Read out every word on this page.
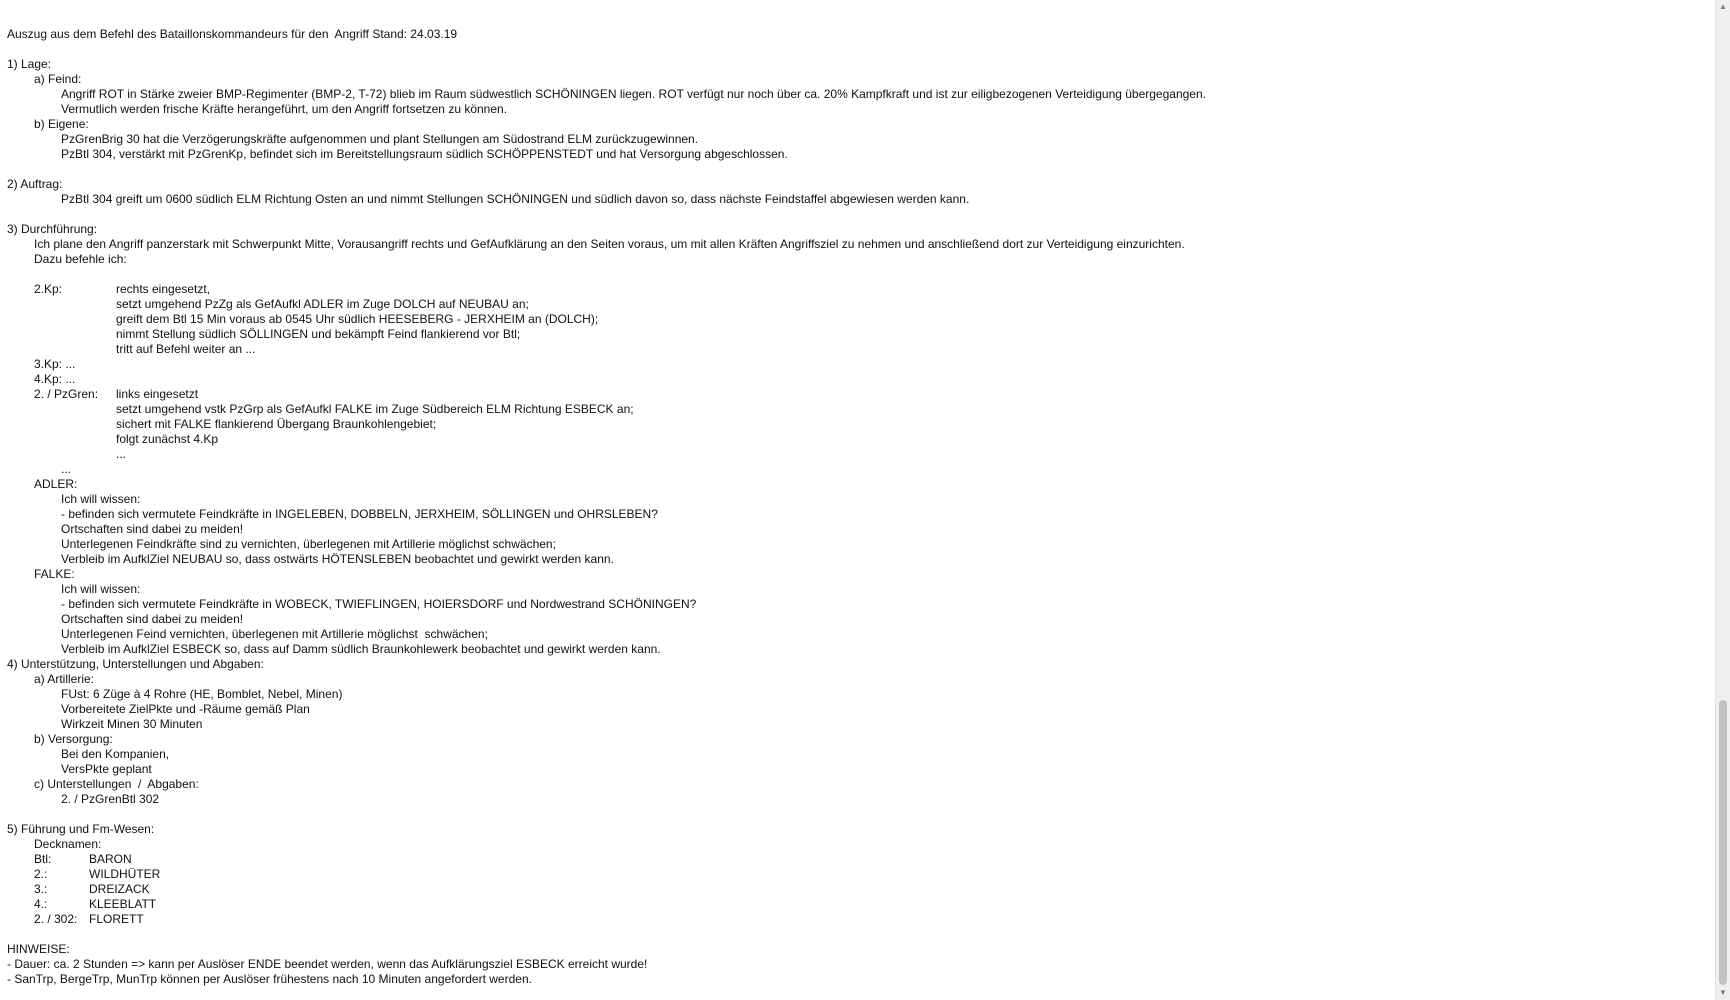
Auszug aus dem Befehl des Bataillonskommandeurs für den  Angriff Stand: 24.03.19
1) Lage:
a) Feind:
Angriff ROT in Stärke zweier BMP-Regimenter (BMP-2, T-72) blieb im Raum südwestlich SCHÖNINGEN liegen. ROT verfügt nur noch über ca. 20% Kampfkraft und ist zur eiligbezogenen Verteidigung übergegangen.
Vermutlich werden frische Kräfte herangeführt, um den Angriff fortsetzen zu können.
b) Eigene:
PzGrenBrig 30 hat die Verzögerungskräfte aufgenommen und plant Stellungen am Südostrand ELM zurückzugewinnen.
PzBtl 304, verstärkt mit PzGrenKp, befindet sich im Bereitstellungsraum südlich SCHÖPPENSTEDT und hat Versorgung abgeschlossen.
2) Auftrag:
PzBtl 304 greift um 0600 südlich ELM Richtung Osten an und nimmt Stellungen SCHÖNINGEN und südlich davon so, dass nächste Feindstaffel abgewiesen werden kann.
3) Durchführung:
Ich plane den Angriff panzerstark mit Schwerpunkt Mitte, Vorausangriff rechts und GefAufklärung an den Seiten voraus, um mit allen Kräften Angriffsziel zu nehmen und anschließend dort zur Verteidigung einzurichten.
Dazu befehle ich:
2.Kp:	rechts eingesetzt,
setzt umgehend PzZg als GefAufkl ADLER im Zuge DOLCH auf NEUBAU an;
greift dem Btl 15 Min voraus ab 0545 Uhr südlich HEESEBERG - JERXHEIM an (DOLCH);
nimmt Stellung südlich SÖLLINGEN und bekämpft Feind flankierend vor Btl;
tritt auf Befehl weiter an ...
3.Kp: ...
4.Kp: ...
2. / PzGren: links eingesetzt
setzt umgehend vstk PzGrp als GefAufkl FALKE im Zuge Südbereich ELM Richtung ESBECK an;
sichert mit FALKE flankierend Übergang Braunkohlengebiet;
folgt zunächst 4.Kp
...
...
ADLER:
Ich will wissen:
- befinden sich vermutete Feindkräfte in INGELEBEN, DOBBELN, JERXHEIM, SÖLLINGEN und OHRSLEBEN?
Ortschaften sind dabei zu meiden!
Unterlegenen Feindkräfte sind zu vernichten, überlegenen mit Artillerie möglichst schwächen;
Verbleib im AufklZiel NEUBAU so, dass ostwärts HÖTENSLEBEN beobachtet und gewirkt werden kann.
FALKE:
Ich will wissen:
- befinden sich vermutete Feindkräfte in WOBECK, TWIEFLINGEN, HOIERSDORF und Nordwestrand SCHÖNINGEN?
Ortschaften sind dabei zu meiden!
Unterlegenen Feind vernichten, überlegenen mit Artillerie möglichst  schwächen;
Verbleib im AufklZiel ESBECK so, dass auf Damm südlich Braunkohlewerk beobachtet und gewirkt werden kann.
4) Unterstützung, Unterstellungen und Abgaben:
a) Artillerie:
FUst: 6 Züge à 4 Rohre (HE, Bomblet, Nebel, Minen)
Vorbereitete ZielPkte und -Räume gemäß Plan
Wirkzeit Minen 30 Minuten
b) Versorgung:
Bei den Kompanien,
VersPkte geplant
c) Unterstellungen  /  Abgaben:
2. / PzGrenBtl 302
5) Führung und Fm-Wesen:
Decknamen:
Btl:	BARON
2.:	WILDHÜTER
3.:	DREIZACK
4.:	KLEEBLATT
2. / 302: FLORETT
HINWEISE:
- Dauer: ca. 2 Stunden => kann per Auslöser ENDE beendet werden, wenn das Aufklärungsziel ESBECK erreicht wurde!
- SanTrp, BergeTrp, MunTrp können per Auslöser frühestens nach 10 Minuten angefordert werden.
▲
▼
